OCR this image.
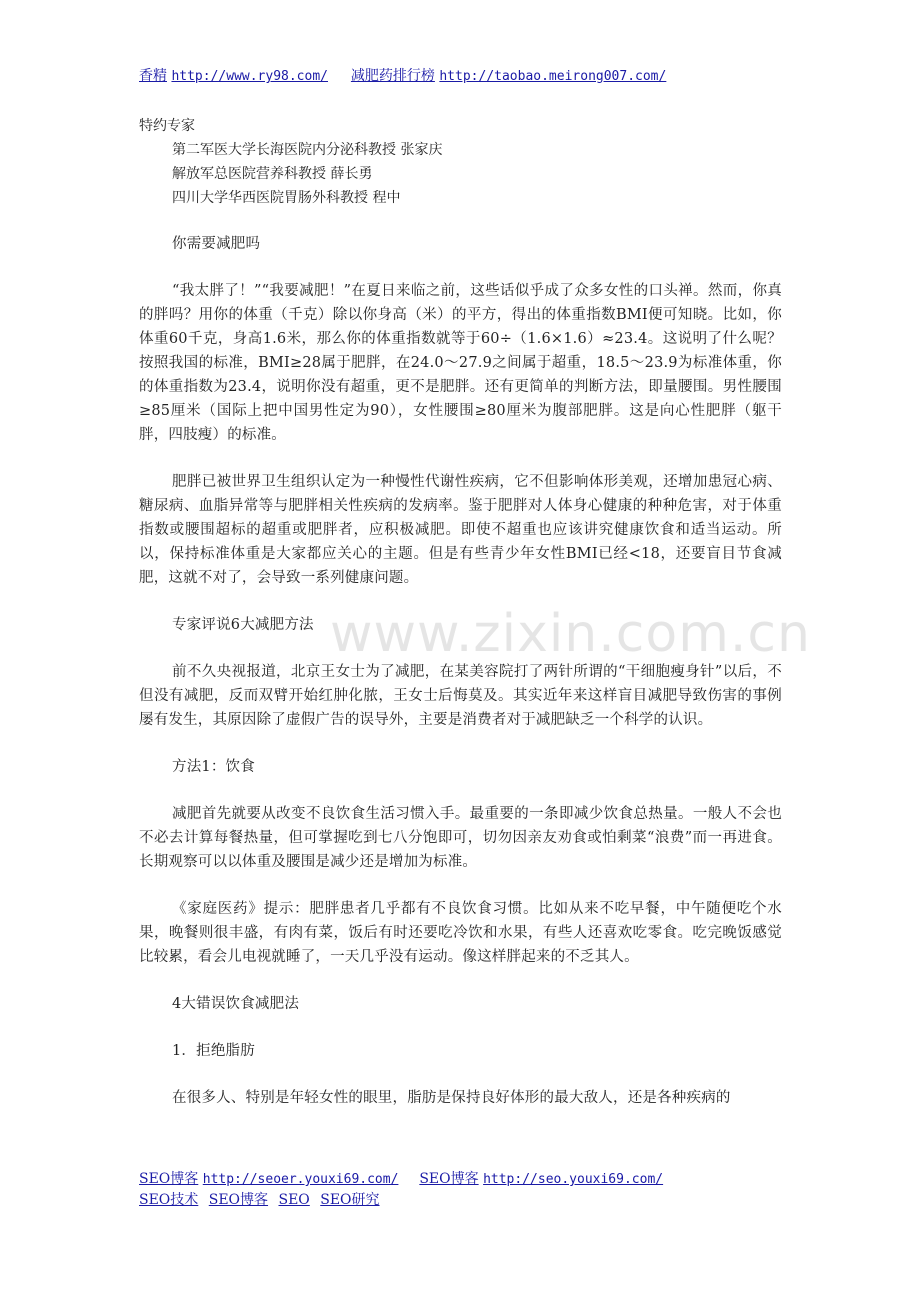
香精 http://www.ry98.com/ 减肥药排行榜 http://taobao.meirong007.com/
特约专家
第二军医大学长海医院内分泌科教授 张家庆
解放军总医院营养科教授 薛长勇
四川大学华西医院胃肠外科教授 程中

你需要减肥吗

“我太胖了！”“我要减肥！”在夏日来临之前，这些话似乎成了众多女性的口头禅。然而，你真的胖吗？用你的体重（千克）除以你身高（米）的平方，得出的体重指数BMI便可知晓。比如，你体重60千克，身高1.6米，那么你的体重指数就等于60÷（1.6×1.6）≈23.4。这说明了什么呢？按照我国的标准，BMI≥28属于肥胖，在24.0～27.9之间属于超重，18.5～23.9为标准体重，你的体重指数为23.4，说明你没有超重，更不是肥胖。还有更简单的判断方法，即量腰围。男性腰围≥85厘米（国际上把中国男性定为90），女性腰围≥80厘米为腹部肥胖。这是向心性肥胖（躯干胖，四肢瘦）的标准。

肥胖已被世界卫生组织认定为一种慢性代谢性疾病，它不但影响体形美观，还增加患冠心病、糖尿病、血脂异常等与肥胖相关性疾病的发病率。鉴于肥胖对人体身心健康的种种危害，对于体重指数或腰围超标的超重或肥胖者，应积极减肥。即使不超重也应该讲究健康饮食和适当运动。所以，保持标准体重是大家都应关心的主题。但是有些青少年女性BMI已经<18，还要盲目节食减肥，这就不对了，会导致一系列健康问题。

专家评说6大减肥方法

前不久央视报道，北京王女士为了减肥，在某美容院打了两针所谓的“干细胞瘦身针”以后，不但没有减肥，反而双臂开始红肿化脓，王女士后悔莫及。其实近年来这样盲目减肥导致伤害的事例屡有发生，其原因除了虚假广告的误导外，主要是消费者对于减肥缺乏一个科学的认识。

方法1：饮食

减肥首先就要从改变不良饮食生活习惯入手。最重要的一条即减少饮食总热量。一般人不会也不必去计算每餐热量，但可掌握吃到七八分饱即可，切勿因亲友劝食或怕剩菜“浪费”而一再进食。长期观察可以以体重及腰围是减少还是增加为标准。

《家庭医药》提示：肥胖患者几乎都有不良饮食习惯。比如从来不吃早餐，中午随便吃个水果，晚餐则很丰盛，有肉有菜，饭后有时还要吃冷饮和水果，有些人还喜欢吃零食。吃完晚饭感觉比较累，看会儿电视就睡了，一天几乎没有运动。像这样胖起来的不乏其人。

4大错误饮食减肥法

1．拒绝脂肪

在很多人、特别是年轻女性的眼里，脂肪是保持良好体形的最大敌人，还是各种疾病的

www.zixin.com.cn
SEO博客 http://seoer.youxi69.com/ SEO博客 http://seo.youxi69.com/
SEO技术 SEO博客 SEO SEO研究
